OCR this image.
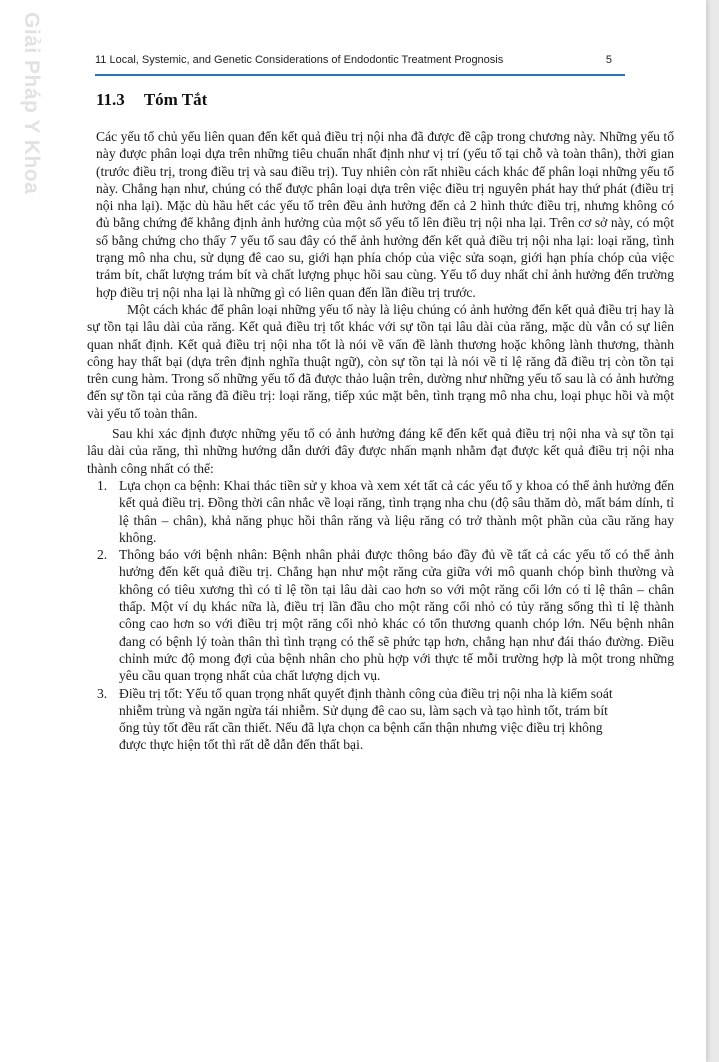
Giải Pháp Y Khoa	11 Local, Systemic, and Genetic Considerations of Endodontic Treatment Prognosis	5
11.3 Tóm Tắt

Các yếu tố chủ yếu liên quan đến kết quả điều trị nội nha đã được đề cập trong chương này. Những yếu tố này được phân loại dựa trên những tiêu chuẩn nhất định như vị trí (yếu tố tại chỗ và toàn thân), thời gian (trước điều trị, trong điều trị và sau điều trị). Tuy nhiên còn rất nhiều cách khác để phân loại những yếu tố này. Chẳng hạn như, chúng có thể được phân loại dựa trên việc điều trị nguyên phát hay thứ phát (điều trị nội nha lại). Mặc dù hầu hết các yếu tố trên đều ảnh hưởng đến cả 2 hình thức điều trị, nhưng không có đủ bằng chứng để khẳng định ảnh hưởng của một số yếu tố lên điều trị nội nha lại. Trên cơ sở này, có một số bằng chứng cho thấy 7 yếu tố sau đây có thể ảnh hưởng đến kết quả điều trị nội nha lại: loại răng, tình trạng mô nha chu, sử dụng đê cao su, giới hạn phía chóp của việc sửa soạn, giới hạn phía chóp của việc trám bít, chất lượng trám bít và chất lượng phục hồi sau cùng. Yếu tố duy nhất chỉ ảnh hưởng đến trường hợp điều trị nội nha lại là những gì có liên quan đến lần điều trị trước.

Một cách khác để phân loại những yếu tố này là liệu chúng có ảnh hưởng đến kết quả điều trị hay là sự tồn tại lâu dài của răng. Kết quả điều trị tốt khác với sự tồn tại lâu dài của răng, mặc dù vẫn có sự liên quan nhất định. Kết quả điều trị nội nha tốt là nói về vấn đề lành thương hoặc không lành thương, thành công hay thất bại (dựa trên định nghĩa thuật ngữ), còn sự tồn tại là nói về tỉ lệ răng đã điều trị còn tồn tại trên cung hàm. Trong số những yếu tố đã được thảo luận trên, dường như những yếu tố sau là có ảnh hưởng đến sự tồn tại của răng đã điều trị: loại răng, tiếp xúc mặt bên, tình trạng mô nha chu, loại phục hồi và một vài yếu tố toàn thân.

Sau khi xác định được những yếu tố có ảnh hưởng đáng kể đến kết quả điều trị nội nha và sự tồn tại lâu dài của răng, thì những hướng dẫn dưới đây được nhấn mạnh nhằm đạt được kết quả điều trị nội nha thành công nhất có thể:

1. Lựa chọn ca bệnh: Khai thác tiền sử y khoa và xem xét tất cả các yếu tố y khoa có thể ảnh hưởng đến kết quả điều trị. Đồng thời cân nhắc về loại răng, tình trạng nha chu (độ sâu thăm dò, mất bám dính, tỉ lệ thân – chân), khả năng phục hồi thân răng và liệu răng có trở thành một phần của cầu răng hay không.
2. Thông báo với bệnh nhân: Bệnh nhân phải được thông báo đầy đủ về tất cả các yếu tố có thể ảnh hưởng đến kết quả điều trị. Chẳng hạn như một răng cửa giữa với mô quanh chóp bình thường và không có tiêu xương thì có tỉ lệ tồn tại lâu dài cao hơn so với một răng cối lớn có tỉ lệ thân – chân thấp. Một ví dụ khác nữa là, điều trị lần đầu cho một răng cối nhỏ có tủy răng sống thì tỉ lệ thành công cao hơn so với điều trị một răng cối nhỏ khác có tổn thương quanh chóp lớn. Nếu bệnh nhân đang có bệnh lý toàn thân thì tình trạng có thể sẽ phức tạp hơn, chẳng hạn như đái tháo đường. Điều chỉnh mức độ mong đợi của bệnh nhân cho phù hợp với thực tế mỗi trường hợp là một trong những yêu cầu quan trọng nhất của chất lượng dịch vụ.
3. Điều trị tốt: Yếu tố quan trọng nhất quyết định thành công của điều trị nội nha là kiểm soát nhiễm trùng và ngăn ngừa tái nhiễm. Sử dụng đê cao su, làm sạch và tạo hình tốt, trám bít ống tủy tốt đều rất cần thiết. Nếu đã lựa chọn ca bệnh cẩn thận nhưng việc điều trị không được thực hiện tốt thì rất dễ dẫn đến thất bại.
